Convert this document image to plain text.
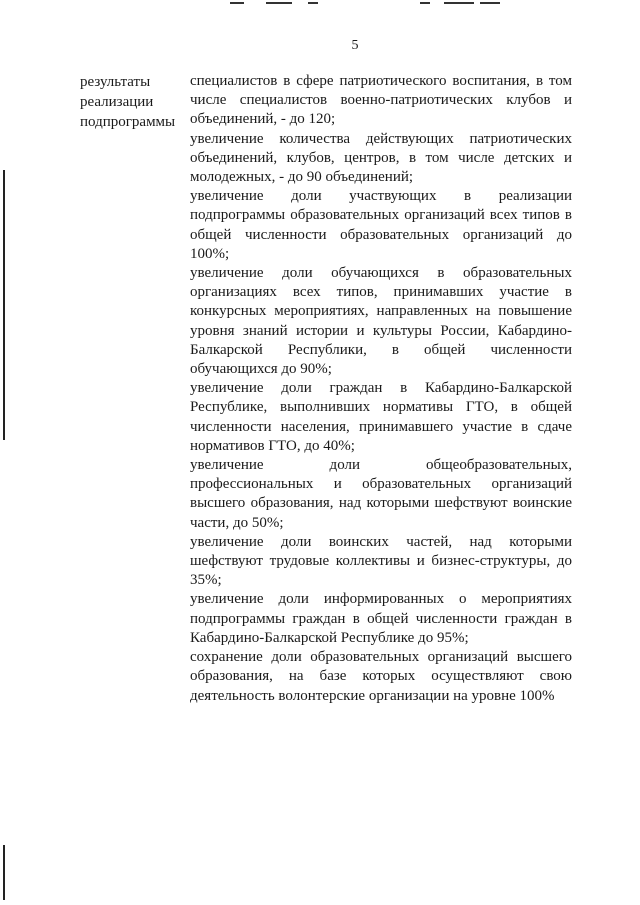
5
результаты
реализации
подпрограммы

специалистов в сфере патриотического воспитания, в том числе специалистов военно-патриотических клубов и объединений, - до 120;

увеличение количества действующих патриотических объединений, клубов, центров, в том числе детских и молодежных, - до 90 объединений;

увеличение доли участвующих в реализации подпрограммы образовательных организаций всех типов в общей численности образовательных организаций до 100%;

увеличение доли обучающихся в образовательных организациях всех типов, принимавших участие в конкурсных мероприятиях, направленных на повышение уровня знаний истории и культуры России, Кабардино-Балкарской Республики, в общей численности обучающихся до 90%;

увеличение доли граждан в Кабардино-Балкарской Республике, выполнивших нормативы ГТО, в общей численности населения, принимавшего участие в сдаче нормативов ГТО, до 40%;

увеличение доли общеобразовательных, профессиональных и образовательных организаций высшего образования, над которыми шефствуют воинские части, до 50%;

увеличение доли воинских частей, над которыми шефствуют трудовые коллективы и бизнес-структуры, до 35%;

увеличение доли информированных о мероприятиях подпрограммы граждан в общей численности граждан в Кабардино-Балкарской Республике до 95%;

сохранение доли образовательных организаций высшего образования, на базе которых осуществляют свою деятельность волонтерские организации на уровне 100%
